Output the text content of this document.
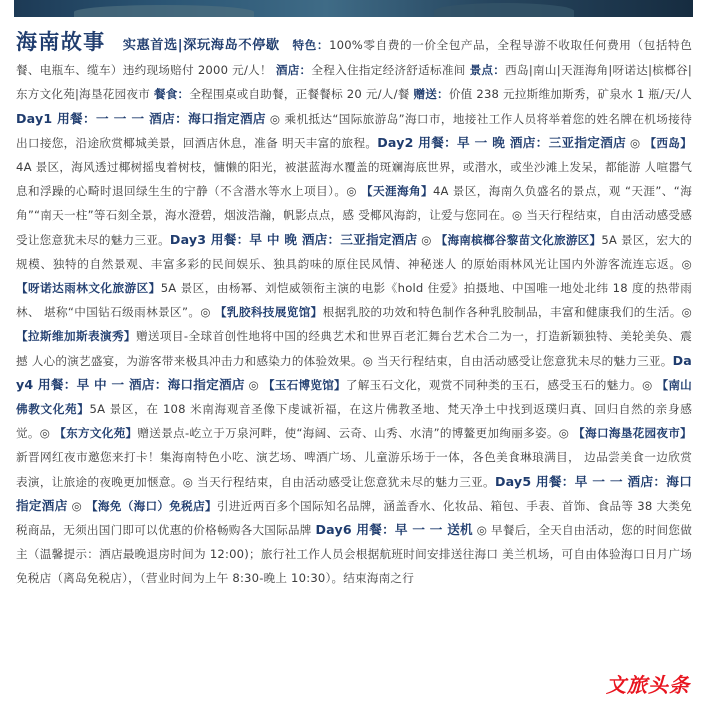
海南故事 实惠首选|深玩海岛不停歇 特色：100%零自费的一价全包产品，全程导游不收取任何费用（包括特色餐、电瓶车、缆车）违约现场赔付 2000 元/人！ 酒店：全程入住指定经济舒适标准间 景点：西岛|南山|天涯海角|呀诺达|槟榔谷|东方文化苑|海垦花园夜市 餐食：全程围桌或自助餐，正餐餐标 20 元/人/餐 赠送：价值 238 元拉斯维加斯秀，矿泉水 1 瓶/天/人 Day1 用餐：一 一 一 酒店：海口指定酒店 ◎ 乘机抵达“国际旅游岛”海口市，地接社工作人员将举着您的姓名牌在机场接待出口接您，沿途欣赏椰城美景，回酒店休息，准备 明天丰富的旅程。Day2 用餐：早 一 晚 酒店：三亚指定酒店 ◎ 【西岛】4A 景区，海风透过椰树摇曳着树枝，慵懒的阳光，被湛蓝海水覆盖的斑斓海底世界，或潜水，或坐沙滩上发呆，都能游 人喧嚣气息和浮躁的心畸时退回绿生生的宁静（不含潜水等水上项目）。◎ 【天涯海角】4A 景区，海南久负盛名的景点，观 “天涯”、“海角”“南天一柱”等石刻全景，海水澄碧，烟波浩瀚，帆影点点，感 受椰风海韵，让爱与您同在。◎ 当天行程结束，自由活动感受感受让您意犹未尽的魅力三亚。Day3 用餐：早 中 晚 酒店：三亚指定酒店 ◎ 【海南槟榔谷黎苗文化旅游区】5A 景区，宏大的规模、独特的自然景观、丰富多彩的民间娱乐、独具韵味的原住民风情、神秘迷人 的原始雨林风光让国内外游客流连忘返。◎ 【呀诺达雨林文化旅游区】5A 景区，由杨幂、刘恺威领衔主演的电影《hold 住爱》拍摄地、中国唯一地处北纬 18 度的热带雨林、 堪称“中国钻石级雨林景区”。◎ 【乳胶科技展览馆】根据乳胶的功效和特色制作各种乳胶制品，丰富和健康我们的生活。◎ 【拉斯维加斯表演秀】赠送项目-全球首创性地将中国的经典艺术和世界百老汇舞台艺术合二为一，打造新颖独特、美轮美奂、震撼 人心的演艺盛宴，为游客带来极具冲击力和感染力的体验效果。◎ 当天行程结束，自由活动感受让您意犹未尽的魅力三亚。Day4 用餐：早 中 一 酒店：海口指定酒店 ◎ 【玉石博览馆】了解玉石文化，观赏不同种类的玉石，感受玉石的魅力。◎ 【南山佛教文化苑】5A 景区，在 108 米南海观音圣像下虔诚祈福，在这片佛教圣地、梵天净土中找到返璞归真、回归自然的亲身感 觉。◎ 【东方文化苑】赠送景点-屹立于万泉河畔，使“海阔、云奇、山秀、水清”的博鳌更加绚丽多姿。◎ 【海口海垦花园夜市】新晋网红夜市邀您来打卡！集海南特色小吃、演艺场、啤酒广场、儿童游乐场于一体，各色美食琳琅满目， 边品尝美食一边欣赏表演，让旅途的夜晚更加惬意。◎ 当天行程结束，自由活动感受让您意犹未尽的魅力三亚。Day5 用餐：早 一 一 酒店：海口指定酒店 ◎ 【海免（海口）免税店】引进近两百多个国际知名品牌，涵盖香水、化妆品、箱包、手表、首饰、食品等 38 大类免税商品，无须出国门即可以优惠的价格畅购各大国际品牌 Day6 用餐：早 一 一 送机 ◎ 早餐后，全天自由活动，您的时间您做主（温馨提示：酒店最晚退房时间为 12:00)；旅行社工作人员会根据航班时间安排送往海口 美兰机场，可自由体验海口日月广场免税店（离岛免税店），（营业时间为上午 8:30-晚上 10:30）。结束海南之行
文旅头条
